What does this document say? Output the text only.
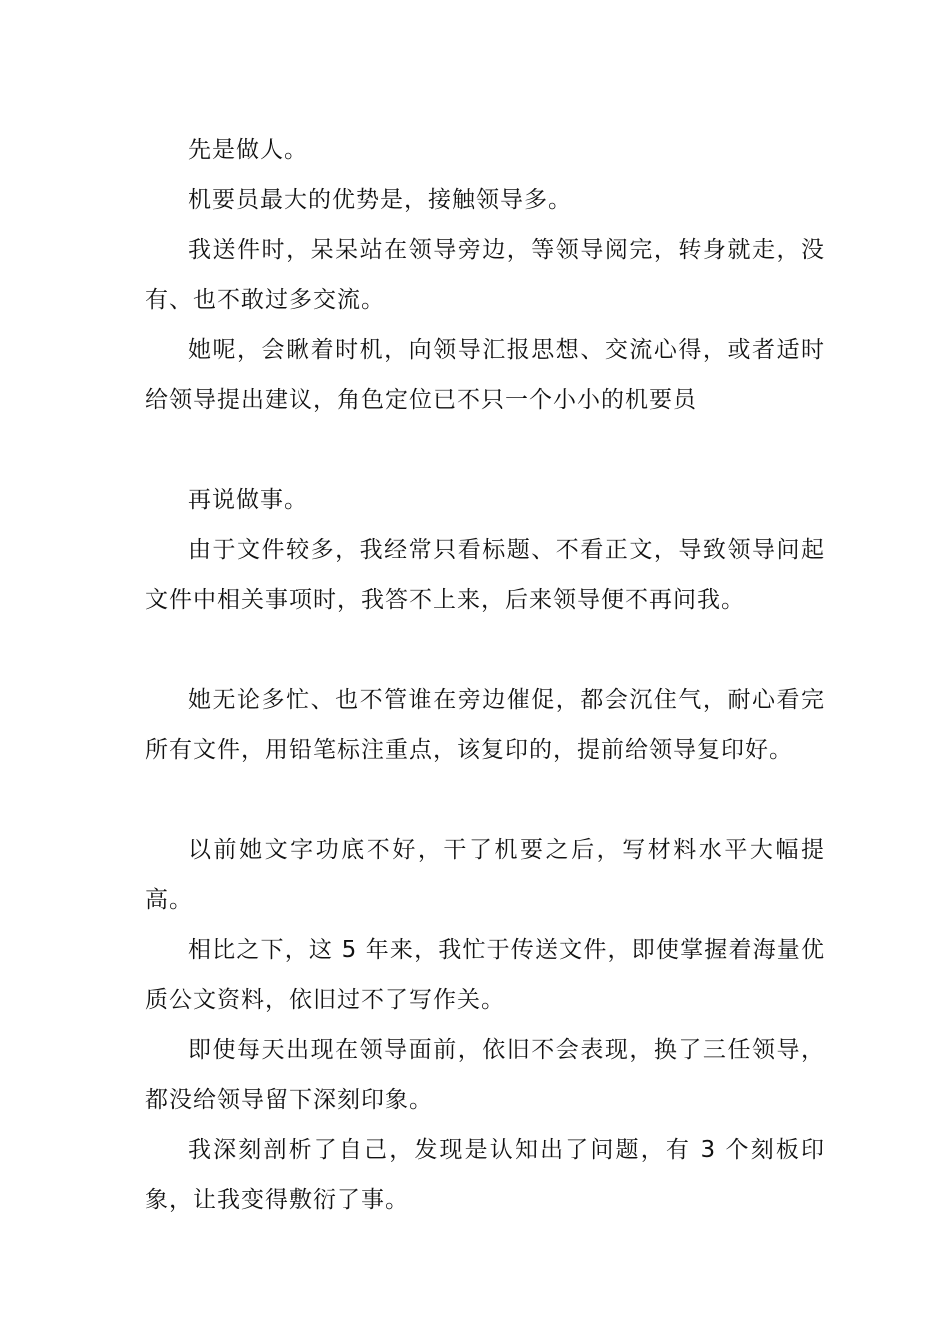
先是做人。

机要员最大的优势是，接触领导多。

我送件时，呆呆站在领导旁边，等领导阅完，转身就走，没有、也不敢过多交流。

她呢，会瞅着时机，向领导汇报思想、交流心得，或者适时给领导提出建议，角色定位已不只一个小小的机要员

再说做事。

由于文件较多，我经常只看标题、不看正文，导致领导问起文件中相关事项时，我答不上来，后来领导便不再问我。

她无论多忙、也不管谁在旁边催促，都会沉住气，耐心看完所有文件，用铅笔标注重点，该复印的，提前给领导复印好。

以前她文字功底不好，干了机要之后，写材料水平大幅提高。

相比之下，这 5 年来，我忙于传送文件，即使掌握着海量优质公文资料，依旧过不了写作关。

即使每天出现在领导面前，依旧不会表现，换了三任领导，都没给领导留下深刻印象。

我深刻剖析了自己，发现是认知出了问题，有 3 个刻板印象，让我变得敷衍了事。
